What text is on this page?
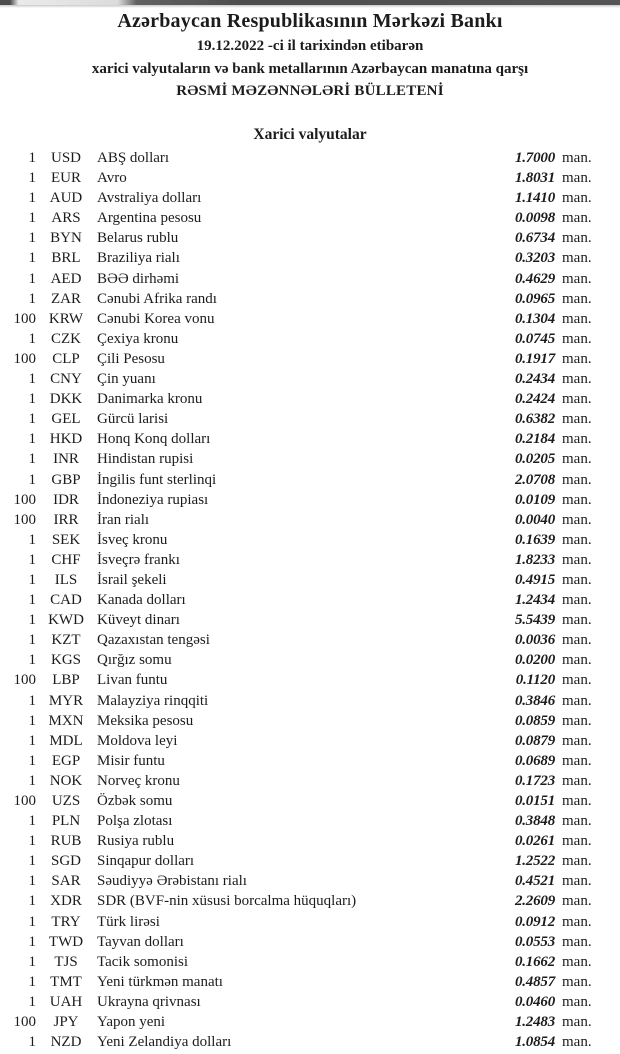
Azərbaycan Respublikasının Mərkəzi Bankı
19.12.2022 -ci il tarixindən etibarən
xarici valyutaların və bank metallarının Azərbaycan manatına qarşı
RƏSMİ MƏZƏNNƏLƏRİ BÜLLETENİ
Xarici valyutalar
1 USD	ABŞ dolları	1.7000 man.
1	EUR	Avro	1.8031 man.
1 AUD Avstraliya dolları	1.1410 man.
1	ARS	Argentina pesosu	0.0098 man.
1 BYN	Belarus rublu	0.6734 man.
1	BRL	Braziliya rialı	0.3203 man.
1 AED	BƏƏ dirhəmi	0.4629 man.
1	ZAR	Cənubi Afrika randı	0.0965 man.
100 KRW Cənubi Korea vonu	0.1304 man.
1	CZK	Çexiya kronu	0.0745 man.
100	CLP	Çili Pesosu	0.1917 man.
1 CNY	Çin yuanı	0.2434 man.
1 DKK Danimarka kronu	0.2424 man.
1	GEL	Gürcü larisi	0.6382 man.
1 HKD Honq Konq dolları	0.2184 man.
1	INR	Hindistan rupisi	0.0205 man.
1	GBP	İngilis funt sterlinqi	2.0708 man.
100	IDR	İndoneziya rupiası	0.0109 man.
100	IRR	İran rialı	0.0040 man.
1	SEK	İsveç kronu	0.1639 man.
1	CHF	İsveçrə frankı	1.8233 man.
1	ILS	İsrail şekeli	0.4915 man.
1 CAD	Kanada dolları	1.2434 man.
1 KWD Küveyt dinarı	5.5439 man.
1	KZT	Qazaxıstan tengəsi	0.0036 man.
1 KGS	Qırğız somu	0.0200 man.
100	LBP	Livan funtu	0.1120 man.
1 MYR Malayziya rinqqiti	0.3846 man.
1 MXN Meksika pesosu	0.0859 man.
1 MDL Moldova leyi	0.0879 man.
1	EGP	Misir funtu	0.0689 man.
1 NOK Norveç kronu	0.1723 man.
100	UZS	Özbək somu	0.0151 man.
1	PLN	Polşa zlotası	0.3848 man.
1 RUB	Rusiya rublu	0.0261 man.
1 SGD	Sinqapur dolları	1.2522 man.
1	SAR	Səudiyyə Ərəbistanı rialı	0.4521 man.
1 XDR	SDR (BVF-nin xüsusi borcalma hüquqları)	2.2609 man.
1	TRY	Türk lirəsi	0.0912 man.
1 TWD Tayvan dolları	0.0553 man.
1	TJS	Tacik somonisi	0.1662 man.
1 TMT	Yeni türkmən manatı	0.4857 man.
1 UAH Ukrayna qrivnası	0.0460 man.
100	JPY	Yapon yeni	1.2483 man.
1 NZD	Yeni Zelandiya dolları	1.0854 man.
